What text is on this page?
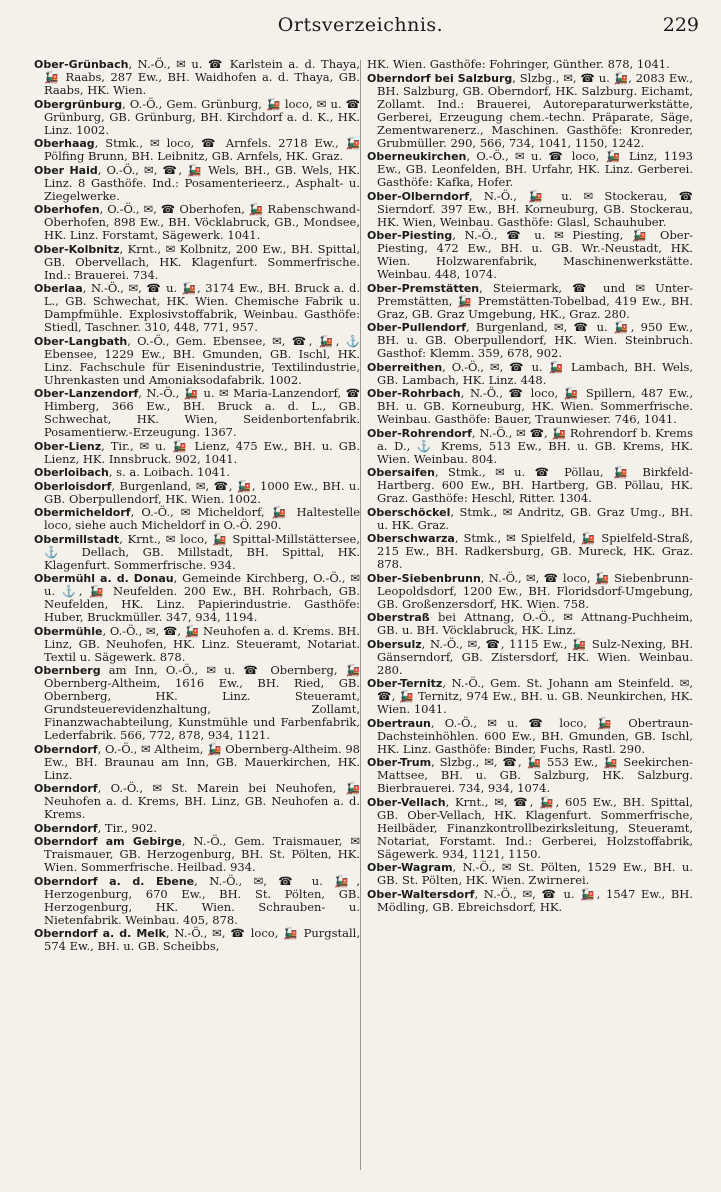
Ortsverzeichnis.	229
Ober-Grünbach, N.-Ö., ✉ u. ☎ Karlstein a. d. Thaya, 🚂 Raabs, 287 Ew., BH. Waidhofen a. d. Thaya, GB. Raabs, HK. Wien.
Obergrünburg, O.-Ö., Gem. Grünburg, 🚂 loco, ✉ u. ☎ Grünburg, GB. Grünburg, BH. Kirchdorf a. d. K., HK. Linz. 1002.
Oberhaag, Stmk., ✉ loco, ☎ Arnfels. 2718 Ew., 🚂 Pölfing Brunn, BH. Leibnitz, GB. Arnfels, HK. Graz.
Ober Haid, O.-Ö., ✉, ☎, 🚂 Wels, BH., GB. Wels, HK. Linz. 8 Gasthöfe. Ind.: Posamenterieerz., Asphalt- u. Ziegelwerke.
Oberhofen, O.-Ö., ✉, ☎ Oberhofen, 🚂 Rabenschwand-Oberhofen, 898 Ew., BH. Vöcklabruck, GB., Mondsee, HK. Linz. Forstamt, Sägewerk. 1041.
Ober-Kolbnitz, Krnt., ✉ Kolbnitz, 200 Ew., BH. Spittal, GB. Obervellach, HK. Klagenfurt. Sommerfrische. Ind.: Brauerei. 734.
Oberlaa, N.-Ö., ✉, ☎ u. 🚂, 3174 Ew., BH. Bruck a. d. L., GB. Schwechat, HK. Wien. Chemische Fabrik u. Dampfmühle. Explosivstoffabrik, Weinbau. Gasthöfe: Stiedl, Taschner. 310, 448, 771, 957.
Ober-Langbath, O.-Ö., Gem. Ebensee, ✉, ☎, 🚂, ⚓ Ebensee, 1229 Ew., BH. Gmunden, GB. Ischl, HK. Linz. Fachschule für Eisenindustrie, Textilindustrie, Uhrenkasten und Amoniaksodafabrik. 1002.
Ober-Lanzendorf, N.-Ö., 🚂 u. ✉ Maria-Lanzendorf, ☎ Himberg, 366 Ew., BH. Bruck a. d. L., GB. Schwechat, HK. Wien, Seidenbortenfabrik. Posamentierw.-Erzeugung. 1367.
Ober-Lienz, Tir., ✉ u. 🚂 Lienz, 475 Ew., BH. u. GB. Lienz, HK. Innsbruck. 902, 1041.
Oberloibach, s. a. Loibach. 1041.
Oberloisdorf, Burgenland, ✉, ☎, 🚂, 1000 Ew., BH. u. GB. Oberpullendorf, HK. Wien. 1002.
Obermicheldorf, O.-Ö., ✉ Micheldorf, 🚂 Haltestelle loco, siehe auch Micheldorf in O.-Ö. 290.
Obermillstadt, Krnt., ✉ loco, 🚂 Spittal-Millstättersee, ⚓ Dellach, GB. Millstadt, BH. Spittal, HK. Klagenfurt. Sommerfrische. 934.
Obermühl a. d. Donau, Gemeinde Kirchberg, O.-Ö., ✉ u. ⚓, 🚂 Neufelden. 200 Ew., BH. Rohrbach, GB. Neufelden, HK. Linz. Papierindustrie. Gasthöfe: Huber, Bruckmüller. 347, 934, 1194.
Obermühle, O.-Ö., ✉, ☎, 🚂 Neuhofen a. d. Krems. BH. Linz, GB. Neuhofen, HK. Linz. Steueramt, Notariat. Textil u. Sägewerk. 878.
Obernberg am Inn, O.-Ö., ✉ u. ☎ Obernberg, 🚂 Obernberg-Altheim, 1616 Ew., BH. Ried, GB. Obernberg, HK. Linz. Steueramt, Grundsteuerevidenzhaltung, Zollamt, Finanzwachabteilung, Kunstmühle und Farbenfabrik, Lederfabrik. 566, 772, 878, 934, 1121.
Oberndorf, O.-Ö., ✉ Altheim, 🚂 Obernberg-Altheim. 98 Ew., BH. Braunau am Inn, GB. Mauerkirchen, HK. Linz.
Oberndorf, O.-Ö., ✉ St. Marein bei Neuhofen, 🚂 Neuhofen a. d. Krems, BH. Linz, GB. Neuhofen a. d. Krems.
Oberndorf, Tir., 902.
Oberndorf am Gebirge, N.-Ö., Gem. Traismauer, ✉ Traismauer, GB. Herzogenburg, BH. St. Pölten, HK. Wien. Sommerfrische. Heilbad. 934.
Oberndorf a. d. Ebene, N.-Ö., ✉, ☎ u. 🚂, Herzogenburg, 670 Ew., BH. St. Pölten, GB. Herzogenburg, HK. Wien. Schrauben- u. Nietenfabrik. Weinbau. 405, 878.
Oberndorf a. d. Melk, N.-Ö., ✉, ☎ loco, 🚂 Purgstall, 574 Ew., BH. u. GB. Scheibbs,
HK. Wien. Gasthöfe: Fohringer, Günther. 878, 1041.
Oberndorf bei Salzburg, Slzbg., ✉, ☎ u. 🚂, 2083 Ew., BH. Salzburg, GB. Oberndorf, HK. Salzburg. Eichamt, Zollamt. Ind.: Brauerei, Autoreparaturwerkstätte, Gerberei, Erzeugung chem.-techn. Präparate, Säge, Zementwarenerz., Maschinen. Gasthöfe: Kronreder, Grubmüller. 290, 566, 734, 1041, 1150, 1242.
Oberneukirchen, O.-Ö., ✉ u. ☎ loco, 🚂 Linz, 1193 Ew., GB. Leonfelden, BH. Urfahr, HK. Linz. Gerberei. Gasthöfe: Kafka, Hofer.
Ober-Olberndorf, N.-Ö., 🚂 u. ✉ Stockerau, ☎ Sierndorf. 397 Ew., BH. Korneuburg, GB. Stockerau, HK. Wien, Weinbau. Gasthöfe: Glasl, Schauhuber.
Ober-Piesting, N.-Ö., ☎ u. ✉ Piesting, 🚂 Ober-Piesting, 472 Ew., BH. u. GB. Wr.-Neustadt, HK. Wien. Holzwarenfabrik, Maschinenwerkstätte. Weinbau. 448, 1074.
Ober-Premstätten, Steiermark, ☎ und ✉ Unter-Premstätten, 🚂 Premstätten-Tobelbad, 419 Ew., BH. Graz, GB. Graz Umgebung, HK., Graz. 280.
Ober-Pullendorf, Burgenland, ✉, ☎ u. 🚂, 950 Ew., BH. u. GB. Oberpullendorf, HK. Wien. Steinbruch. Gasthof: Klemm. 359, 678, 902.
Oberreithen, O.-Ö., ✉, ☎ u. 🚂 Lambach, BH. Wels, GB. Lambach, HK. Linz. 448.
Ober-Rohrbach, N.-Ö., ☎ loco, 🚂 Spillern, 487 Ew., BH. u. GB. Korneuburg, HK. Wien. Sommerfrische. Weinbau. Gasthöfe: Bauer, Traunwieser. 746, 1041.
Ober-Rohrendorf, N.-Ö., ✉ ☎, 🚂 Rohrendorf b. Krems a. D., ⚓ Krems, 513 Ew., BH. u. GB. Krems, HK. Wien. Weinbau. 804.
Obersaifen, Stmk., ✉ u. ☎ Pöllau, 🚂 Birkfeld-Hartberg. 600 Ew., BH. Hartberg, GB. Pöllau, HK. Graz. Gasthöfe: Heschl, Ritter. 1304.
Oberschöckel, Stmk., ✉ Andritz, GB. Graz Umg., BH. u. HK. Graz.
Oberschwarza, Stmk., ✉ Spielfeld, 🚂 Spielfeld-Straß, 215 Ew., BH. Radkersburg, GB. Mureck, HK. Graz. 878.
Ober-Siebenbrunn, N.-Ö., ✉, ☎ loco, 🚂 Siebenbrunn-Leopoldsdorf, 1200 Ew., BH. Floridsdorf-Umgebung, GB. Großenzersdorf, HK. Wien. 758.
Oberstraß bei Attnang, O.-Ö., ✉ Attnang-Puchheim, GB. u. BH. Vöcklabruck, HK. Linz.
Obersulz, N.-Ö., ✉, ☎, 1115 Ew., 🚂 Sulz-Nexing, BH. Gänserndorf, GB. Zistersdorf, HK. Wien. Weinbau. 280.
Ober-Ternitz, N.-Ö., Gem. St. Johann am Steinfeld. ✉, ☎, 🚂 Ternitz, 974 Ew., BH. u. GB. Neunkirchen, HK. Wien. 1041.
Obertraun, O.-Ö., ✉ u. ☎ loco, 🚂 Obertraun-Dachsteinhöhlen. 600 Ew., BH. Gmunden, GB. Ischl, HK. Linz. Gasthöfe: Binder, Fuchs, Rastl. 290.
Ober-Trum, Slzbg., ✉, ☎, 🚂 553 Ew., 🚂 Seekirchen-Mattsee, BH. u. GB. Salzburg, HK. Salzburg. Bierbrauerei. 734, 934, 1074.
Ober-Vellach, Krnt., ✉, ☎, 🚂, 605 Ew., BH. Spittal, GB. Ober-Vellach, HK. Klagenfurt. Sommerfrische, Heilbäder, Finanzkontrollbezirksleitung, Steueramt, Notariat, Forstamt. Ind.: Gerberei, Holzstoffabrik, Sägewerk. 934, 1121, 1150.
Ober-Wagram, N.-Ö., ✉ St. Pölten, 1529 Ew., BH. u. GB. St. Pölten, HK. Wien. Zwirnerei.
Ober-Waltersdorf, N.-Ö., ✉, ☎ u. 🚂, 1547 Ew., BH. Mödling, GB. Ebreichsdorf, HK.
